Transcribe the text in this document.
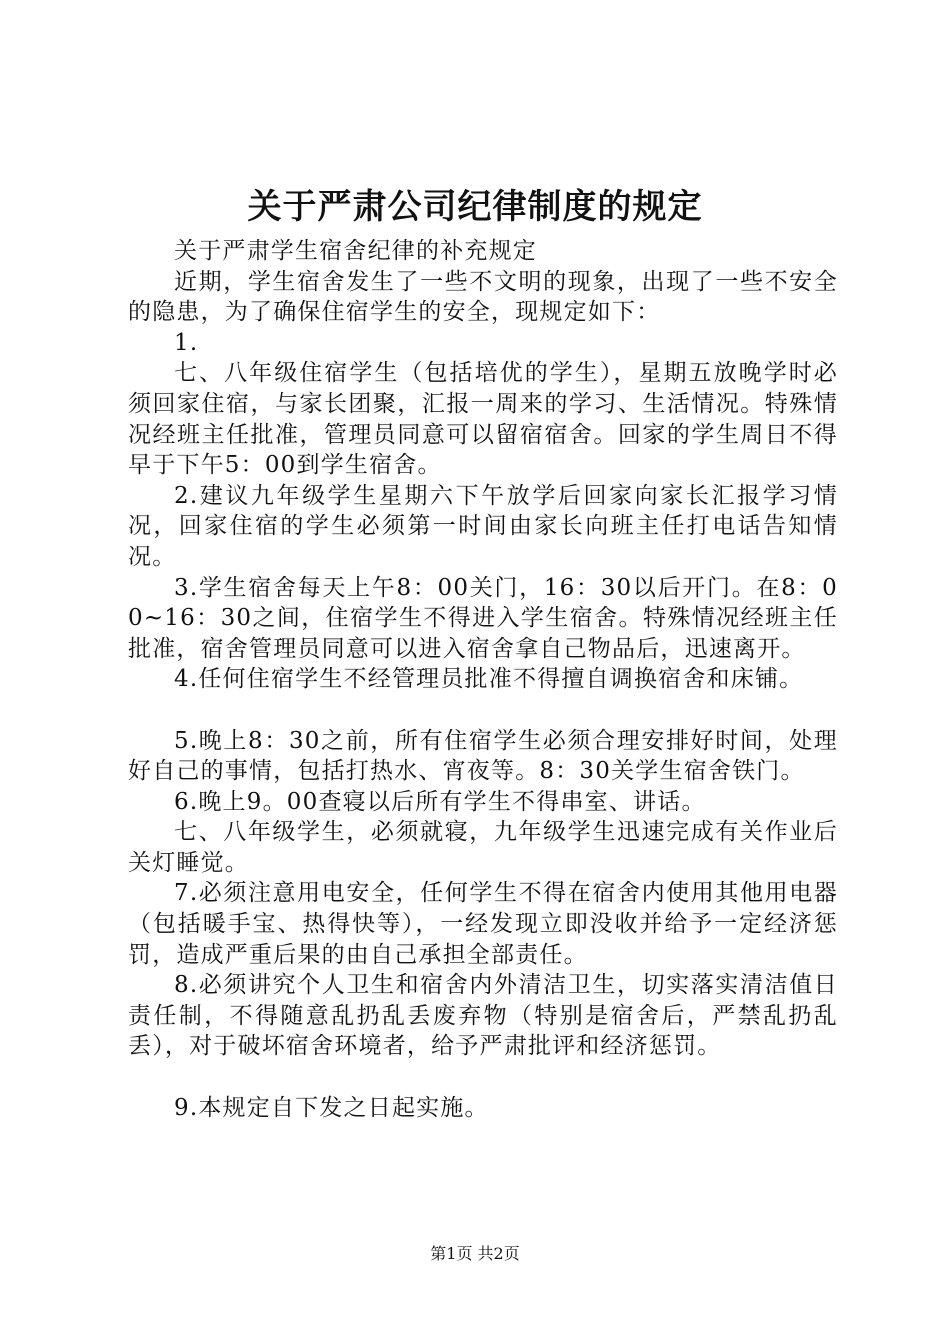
关于严肃公司纪律制度的规定

关于严肃学生宿舍纪律的补充规定

近期，学生宿舍发生了一些不文明的现象，出现了一些不安全的隐患，为了确保住宿学生的安全，现规定如下：

1.

七、八年级住宿学生（包括培优的学生），星期五放晚学时必须回家住宿，与家长团聚，汇报一周来的学习、生活情况。特殊情况经班主任批准，管理员同意可以留宿宿舍。回家的学生周日不得早于下午5：00到学生宿舍。

2.建议九年级学生星期六下午放学后回家向家长汇报学习情况，回家住宿的学生必须第一时间由家长向班主任打电话告知情况。

3.学生宿舍每天上午8：00关门，16：30以后开门。在8：00~16：30之间，住宿学生不得进入学生宿舍。特殊情况经班主任批准，宿舍管理员同意可以进入宿舍拿自己物品后，迅速离开。

4.任何住宿学生不经管理员批准不得擅自调换宿舍和床铺。

5.晚上8：30之前，所有住宿学生必须合理安排好时间，处理好自己的事情，包括打热水、宵夜等。8：30关学生宿舍铁门。

6.晚上9。00查寝以后所有学生不得串室、讲话。

七、八年级学生，必须就寝，九年级学生迅速完成有关作业后关灯睡觉。

7.必须注意用电安全，任何学生不得在宿舍内使用其他用电器（包括暖手宝、热得快等），一经发现立即没收并给予一定经济惩罚，造成严重后果的由自己承担全部责任。

8.必须讲究个人卫生和宿舍内外清洁卫生，切实落实清洁值日责任制，不得随意乱扔乱丢废弃物（特别是宿舍后，严禁乱扔乱丢），对于破坏宿舍环境者，给予严肃批评和经济惩罚。

9.本规定自下发之日起实施。

第1页 共2页
